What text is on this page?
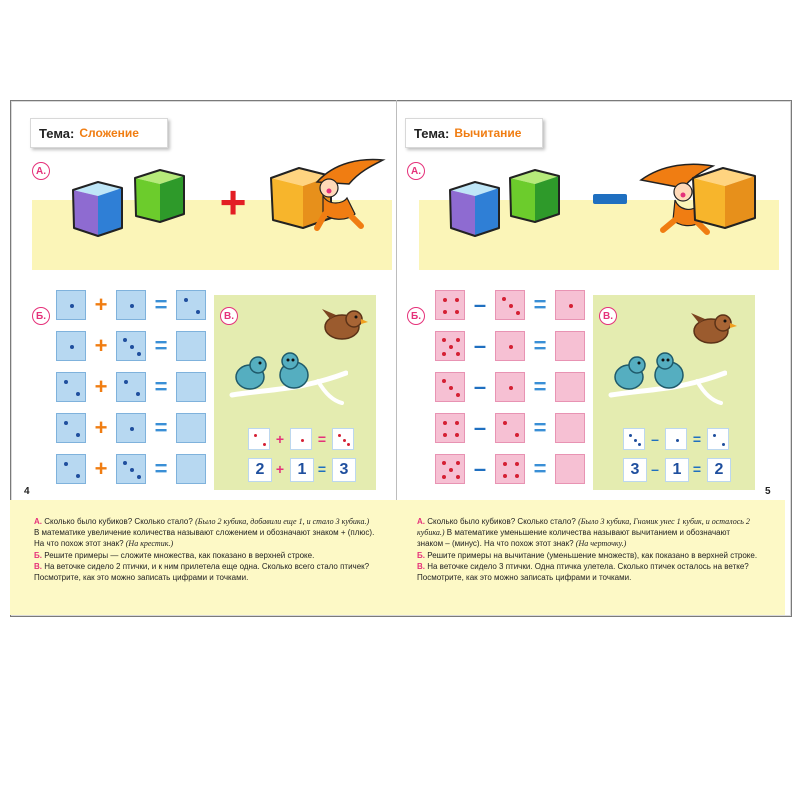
Тема: Сложение
А.
+
Б. + =
+ =
+ =
+ =
+ =
В.
+ =
2 + 1 = 3
4

А. Сколько было кубиков? Сколько стало? (Было 2 кубика, добавили еще 1, и стало 3 кубика.)

В математике увеличение количества называют сложением и обозначают знаком + (плюс).

На что похож этот знак? (На крестик.)

Б. Решите примеры — сложите множества, как показано в верхней строке.

В. На веточке сидело 2 птички, и к ним прилетела еще одна. Сколько всего стало птичек?

Посмотрите, как это можно записать цифрами и точками.

Тема: Вычитание
А.
Б.	–	=
–	=
–	=
–	=
–	=
В.
– =
3 – 1 = 2
5

А. Сколько было кубиков? Сколько стало? (Было 3 кубика, Гномик унес 1 кубик, и осталось 2 кубика.) В математике уменьшение количества называют вычитанием и обозначают

знаком – (минус). На что похож этот знак? (На черточку.)

Б. Решите примеры на вычитание (уменьшение множеств), как показано в верхней строке.

В. На веточке сидело 3 птички. Одна птичка улетела. Сколько птичек осталось на ветке?

Посмотрите, как это можно записать цифрами и точками.
